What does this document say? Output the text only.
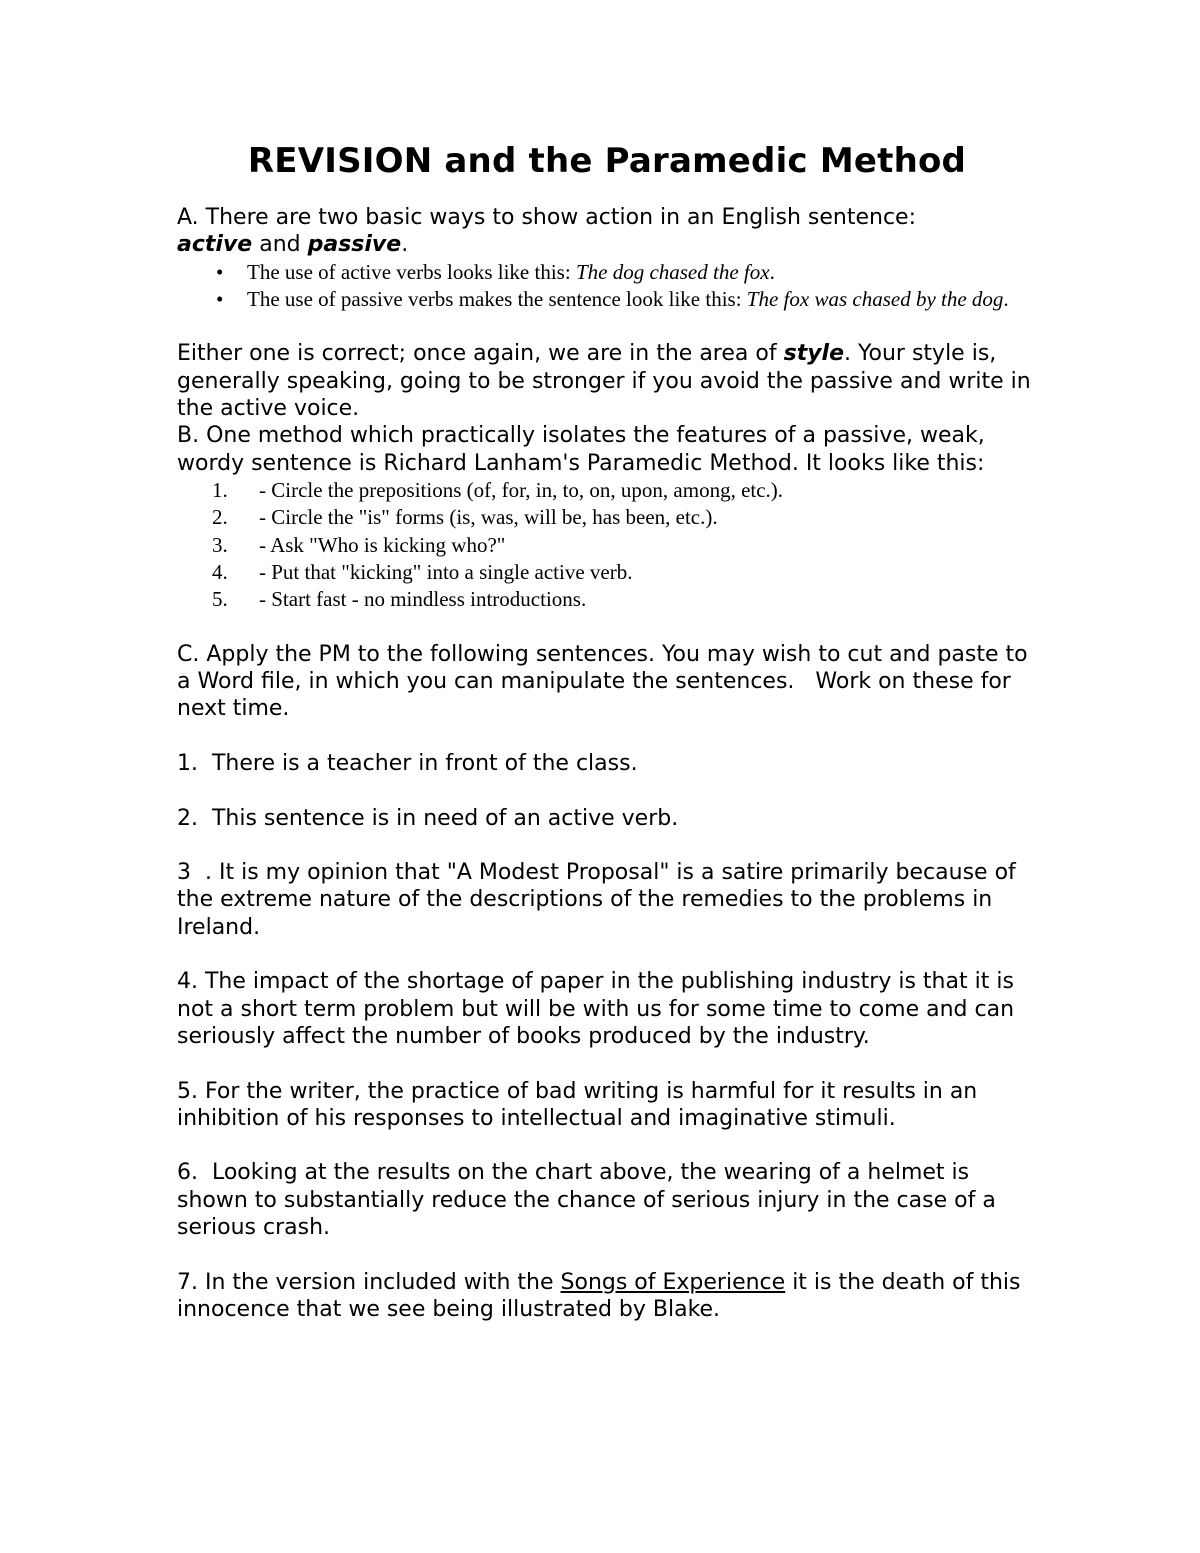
REVISION and the Paramedic Method

A. There are two basic ways to show action in an English sentence:
active and passive.

• The use of active verbs looks like this: The dog chased the fox.
• The use of passive verbs makes the sentence look like this: The fox was chased by the dog.

Either one is correct; once again, we are in the area of style. Your style is, generally speaking, going to be stronger if you avoid the passive and write in the active voice.

B. One method which practically isolates the features of a passive, weak, wordy sentence is Richard Lanham's Paramedic Method. It looks like this:

1. - Circle the prepositions (of, for, in, to, on, upon, among, etc.).
2. - Circle the "is" forms (is, was, will be, has been, etc.).
3. - Ask "Who is kicking who?"
4. - Put that "kicking" into a single active verb.
5. - Start fast - no mindless introductions.

C. Apply the PM to the following sentences. You may wish to cut and paste to a Word file, in which you can manipulate the sentences.   Work on these for next time.

1.  There is a teacher in front of the class.

2.  This sentence is in need of an active verb.

3  . It is my opinion that "A Modest Proposal" is a satire primarily because of the extreme nature of the descriptions of the remedies to the problems in Ireland.

4. The impact of the shortage of paper in the publishing industry is that it is not a short term problem but will be with us for some time to come and can seriously affect the number of books produced by the industry.

5. For the writer, the practice of bad writing is harmful for it results in an inhibition of his responses to intellectual and imaginative stimuli.

6.  Looking at the results on the chart above, the wearing of a helmet is shown to substantially reduce the chance of serious injury in the case of a serious crash.

7. In the version included with the Songs of Experience it is the death of this innocence that we see being illustrated by Blake.
